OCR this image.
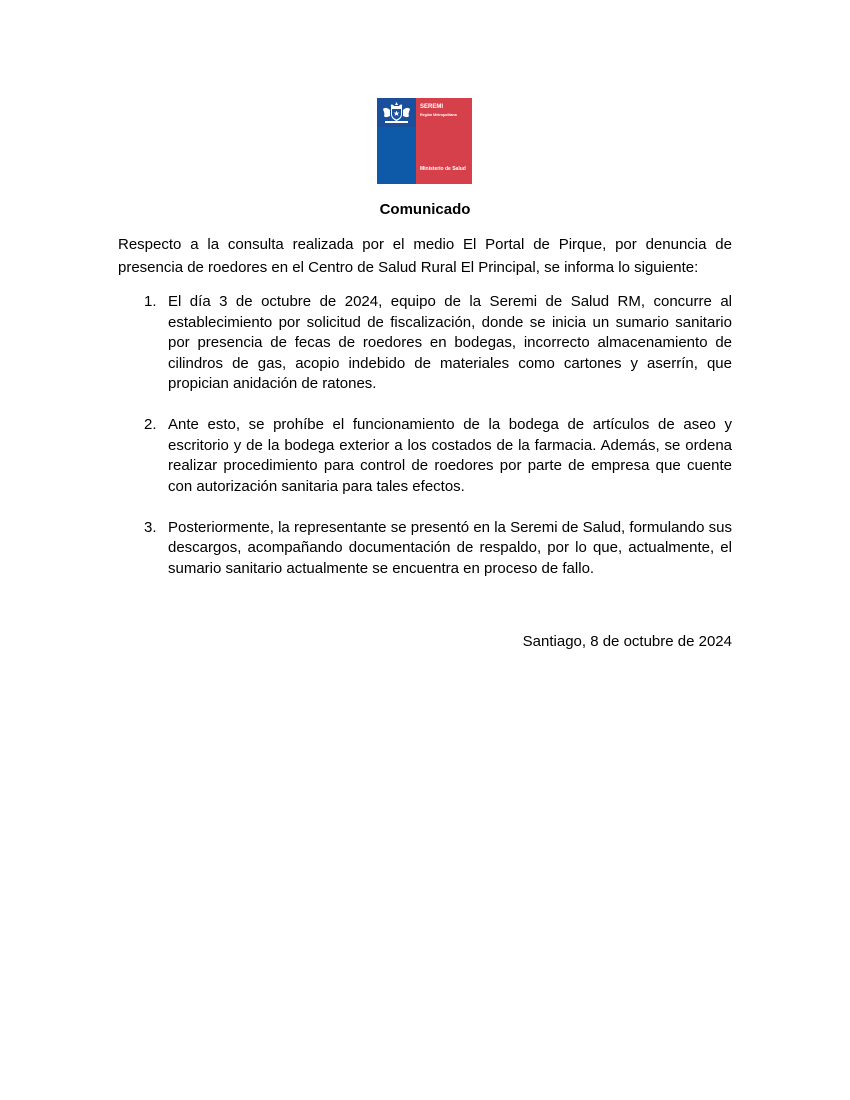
SEREMI
Región Metropolitana
Ministerio de Salud
Comunicado
Respecto a la consulta realizada por el medio El Portal de Pirque, por denuncia de presencia de roedores en el Centro de Salud Rural El Principal, se informa lo siguiente:
1. El día 3 de octubre de 2024, equipo de la Seremi de Salud RM, concurre al establecimiento por solicitud de fiscalización, donde se inicia un sumario sanitario por presencia de fecas de roedores en bodegas, incorrecto almacenamiento de cilindros de gas, acopio indebido de materiales como cartones y aserrín, que propician anidación de ratones.
2. Ante esto, se prohíbe el funcionamiento de la bodega de artículos de aseo y escritorio y de la bodega exterior a los costados de la farmacia. Además, se ordena realizar procedimiento para control de roedores por parte de empresa que cuente con autorización sanitaria para tales efectos.
3. Posteriormente, la representante se presentó en la Seremi de Salud, formulando sus descargos, acompañando documentación de respaldo, por lo que, actualmente, el sumario sanitario actualmente se encuentra en proceso de fallo.
Santiago, 8 de octubre de 2024
